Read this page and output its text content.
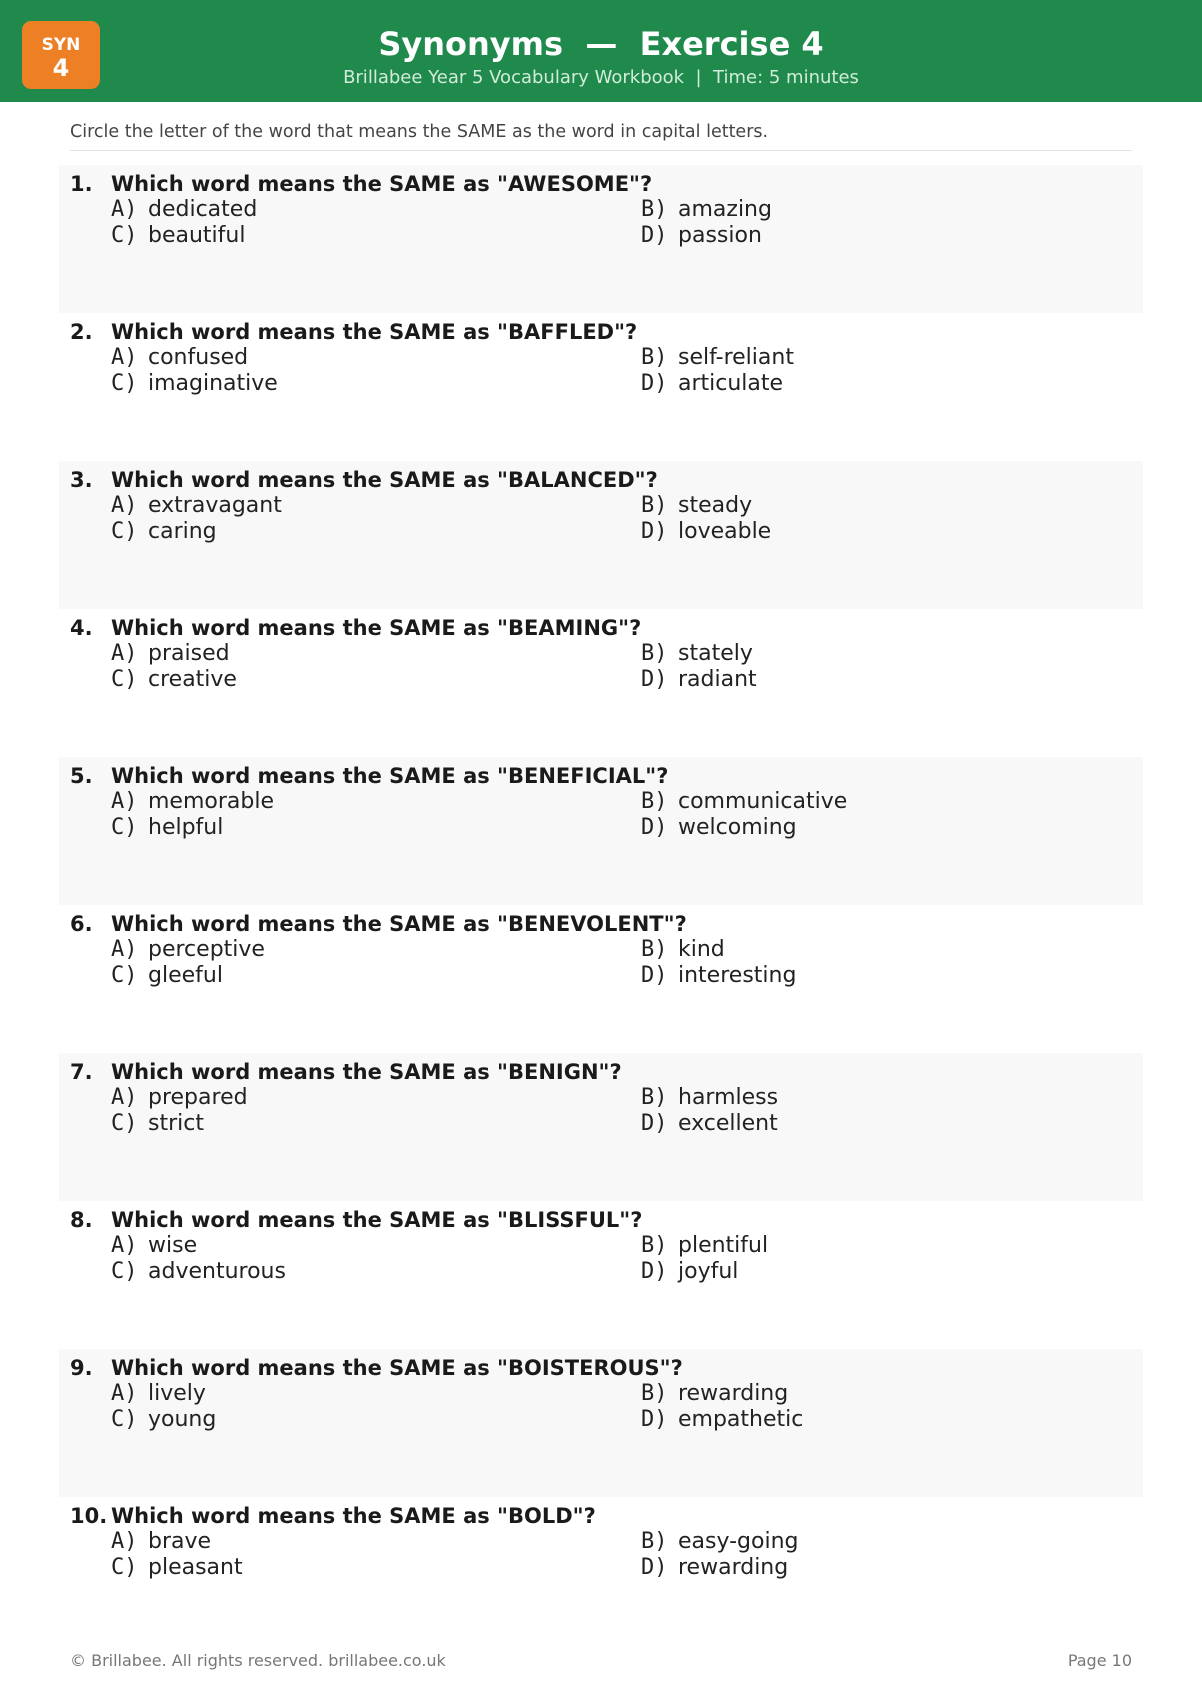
SYN
4
Synonyms  —  Exercise 4
Brillabee Year 5 Vocabulary Workbook  |  Time: 5 minutes
Circle the letter of the word that means the SAME as the word in capital letters.
1. Which word means the SAME as "AWESOME"?
A) dedicated	B) amazing
C) beautiful	D) passion
2. Which word means the SAME as "BAFFLED"?
A) confused	B) self-reliant
C) imaginative	D) articulate
3. Which word means the SAME as "BALANCED"?
A) extravagant	B) steady
C) caring	D) loveable
4. Which word means the SAME as "BEAMING"?
A) praised	B) stately
C) creative	D) radiant
5. Which word means the SAME as "BENEFICIAL"?
A) memorable	B) communicative
C) helpful	D) welcoming
6. Which word means the SAME as "BENEVOLENT"?
A) perceptive	B) kind
C) gleeful	D) interesting
7. Which word means the SAME as "BENIGN"?
A) prepared	B) harmless
C) strict	D) excellent
8. Which word means the SAME as "BLISSFUL"?
A) wise	B) plentiful
C) adventurous	D) joyful
9. Which word means the SAME as "BOISTEROUS"?
A) lively	B) rewarding
C) young	D) empathetic
10. Which word means the SAME as "BOLD"?
A) brave	B) easy-going
C) pleasant	D) rewarding
© Brillabee. All rights reserved. brillabee.co.uk	Page 10
